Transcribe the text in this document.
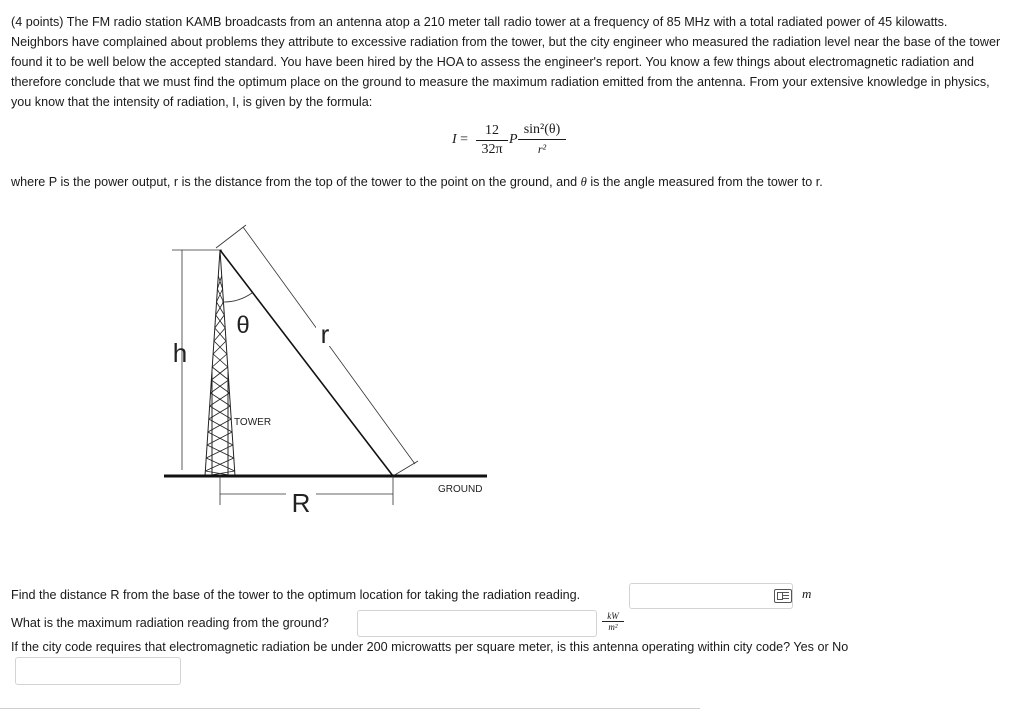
(4 points) The FM radio station KAMB broadcasts from an antenna atop a 210 meter tall radio tower at a frequency of 85 MHz with a total radiated power of 45 kilowatts. Neighbors have complained about problems they attribute to excessive radiation from the tower, but the city engineer who measured the radiation level near the base of the tower found it to be well below the accepted standard. You have been hired by the HOA to assess the engineer's report. You know a few things about electromagnetic radiation and therefore conclude that we must find the optimum place on the ground to measure the maximum radiation emitted from the antenna. From your extensive knowledge in physics, you know that the intensity of radiation, I, is given by the formula:
$I = \frac{12}{32\pi}$ P $\frac{\text{sin²(θ)}}{\text{r²}}$
where P is the power output, r is the distance from the top of the tower to the point on the ground, and θ is the angle measured from the tower to r.
h
r
θ
TOWER
GROUND
R
Find the distance R from the base of the tower to the optimum location for taking the radiation reading.	m
What is the maximum radiation reading from the ground?	$\frac{kW}{\text{m²}}$
If the city code requires that electromagnetic radiation be under 200 microwatts per square meter, is this antenna operating within city code? Yes or No
